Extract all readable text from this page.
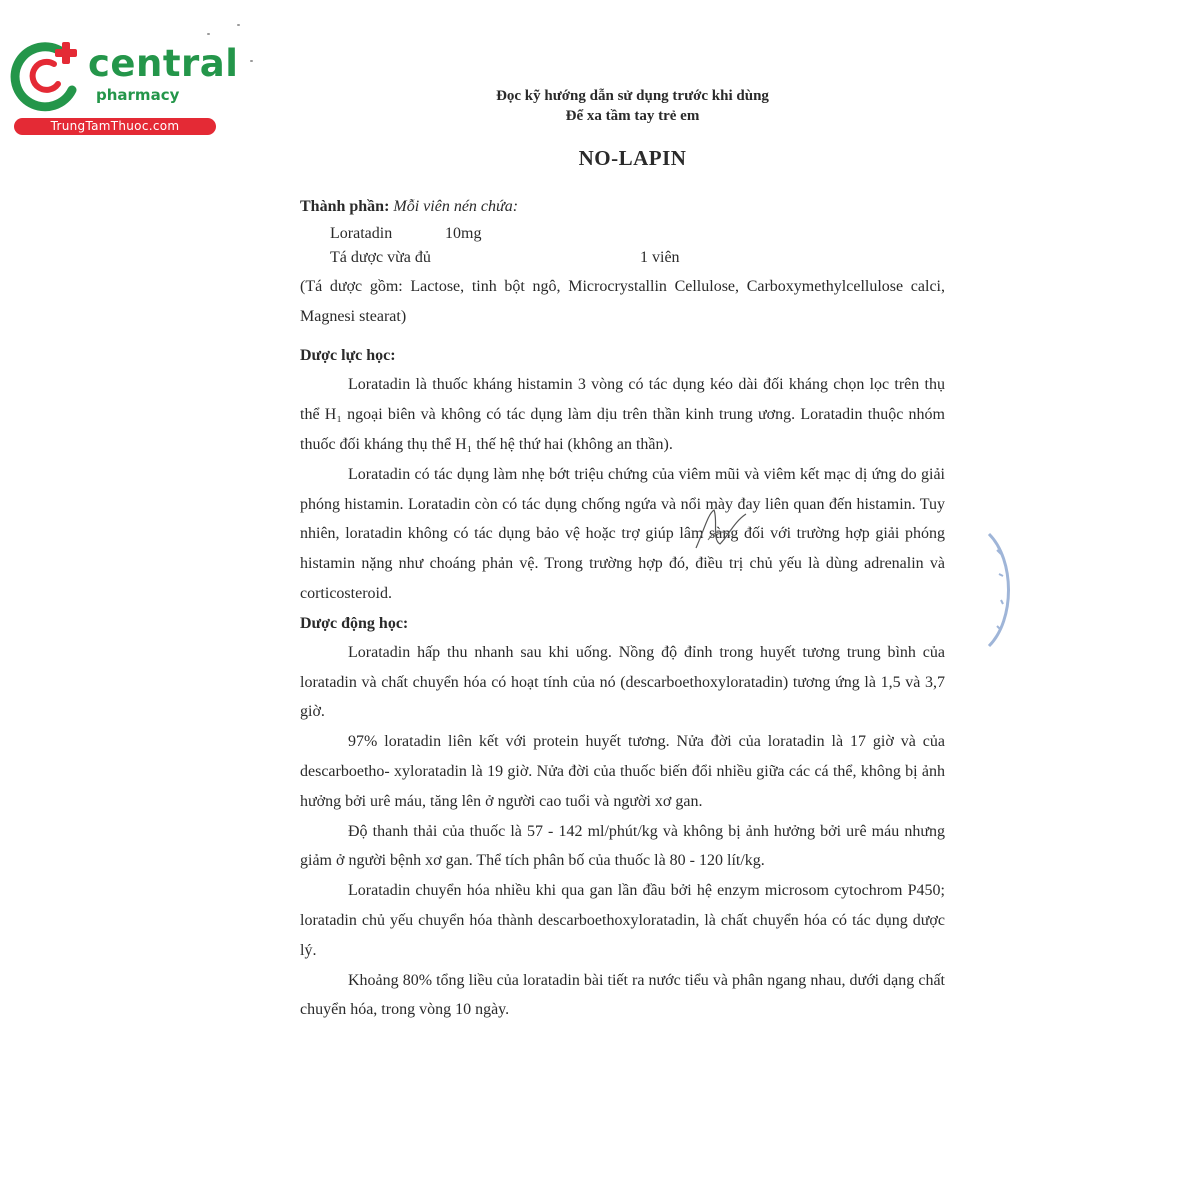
central
pharmacy
TrungTamThuoc.com
Đọc kỹ hướng dẫn sử dụng trước khi dùng
Để xa tầm tay trẻ em
NO-LAPIN
Thành phần: Mỗi viên nén chứa:
Loratadin	10mg
Tá dược vừa đủ	1 viên

(Tá dược gồm: Lactose, tinh bột ngô, Microcrystallin Cellulose, Carboxymethylcellulose calci, Magnesi stearat)

Dược lực học:

Loratadin là thuốc kháng histamin 3 vòng có tác dụng kéo dài đối kháng chọn lọc trên thụ thể H₁ ngoại biên và không có tác dụng làm dịu trên thần kinh trung ương. Loratadin thuộc nhóm thuốc đối kháng thụ thể H₁ thế hệ thứ hai (không an thần).

Loratadin có tác dụng làm nhẹ bớt triệu chứng của viêm mũi và viêm kết mạc dị ứng do giải phóng histamin. Loratadin còn có tác dụng chống ngứa và nổi mày đay liên quan đến histamin. Tuy nhiên, loratadin không có tác dụng bảo vệ hoặc trợ giúp lâm sàng đối với trường hợp giải phóng histamin nặng như choáng phản vệ. Trong trường hợp đó, điều trị chủ yếu là dùng adrenalin và corticosteroid.

Dược động học:

Loratadin hấp thu nhanh sau khi uống. Nồng độ đỉnh trong huyết tương trung bình của loratadin và chất chuyển hóa có hoạt tính của nó (descarboethoxyloratadin) tương ứng là 1,5 và 3,7 giờ.

97% loratadin liên kết với protein huyết tương. Nửa đời của loratadin là 17 giờ và của descarboetho- xyloratadin là 19 giờ. Nửa đời của thuốc biến đổi nhiều giữa các cá thể, không bị ảnh hưởng bởi urê máu, tăng lên ở người cao tuổi và người xơ gan.

Độ thanh thải của thuốc là 57 - 142 ml/phút/kg và không bị ảnh hưởng bởi urê máu nhưng giảm ở người bệnh xơ gan. Thể tích phân bố của thuốc là 80 - 120 lít/kg.

Loratadin chuyển hóa nhiều khi qua gan lần đầu bởi hệ enzym microsom cytochrom P450; loratadin chủ yếu chuyển hóa thành descarboethoxyloratadin, là chất chuyển hóa có tác dụng dược lý.

Khoảng 80% tổng liều của loratadin bài tiết ra nước tiểu và phân ngang nhau, dưới dạng chất chuyển hóa, trong vòng 10 ngày.
